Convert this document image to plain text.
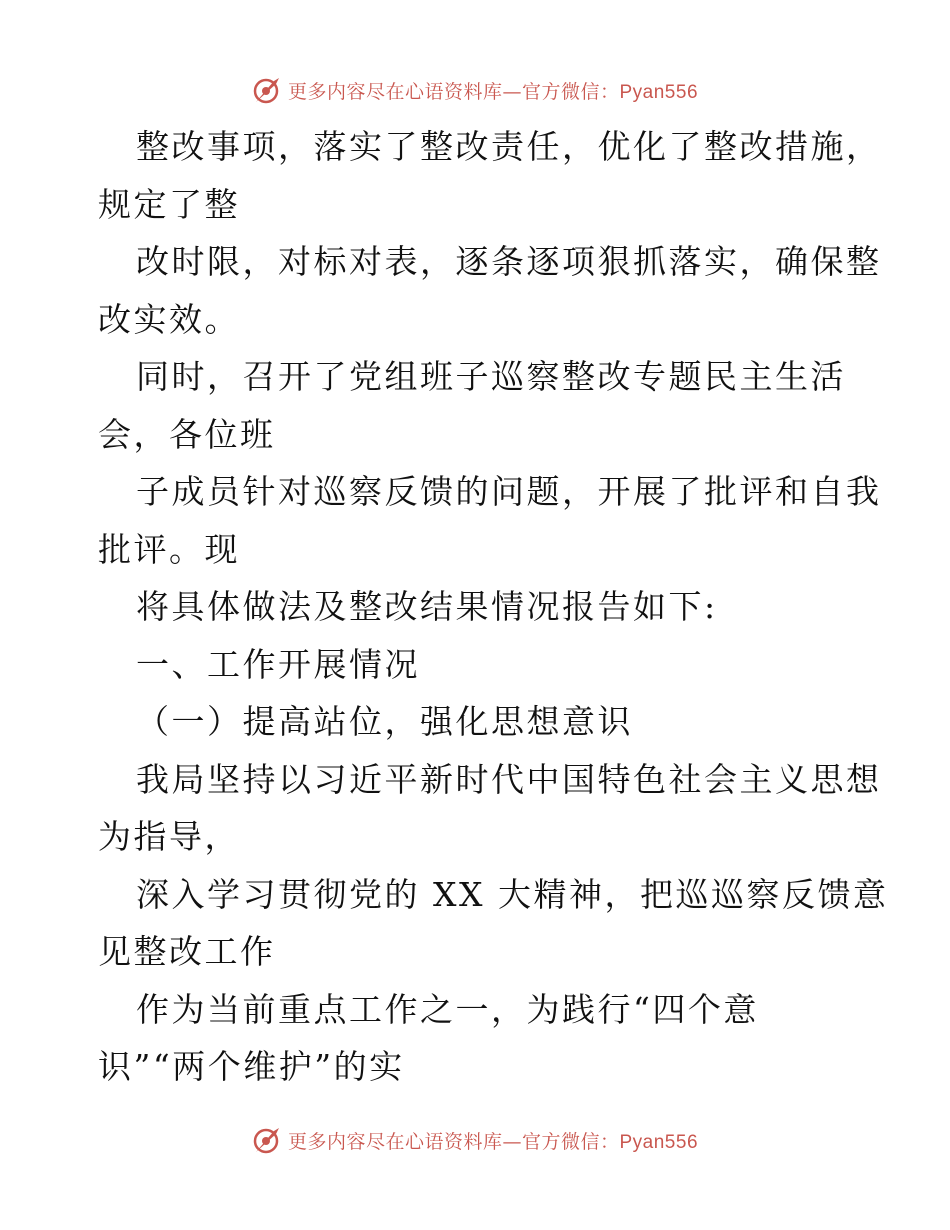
更多内容尽在心语资料库—官方微信：Pyan556
整改事项，落实了整改责任，优化了整改措施，
规定了整
改时限，对标对表，逐条逐项狠抓落实，确保整
改实效。
同时，召开了党组班子巡察整改专题民主生活
会，各位班
子成员针对巡察反馈的问题，开展了批评和自我
批评。现
将具体做法及整改结果情况报告如下:
一、工作开展情况
（一）提高站位，强化思想意识
我局坚持以习近平新时代中国特色社会主义思想
为指导，
深入学习贯彻党的 XX 大精神，把巡巡察反馈意
见整改工作
作为当前重点工作之一，为践行“四个意
识”“两个维护”的实
更多内容尽在心语资料库—官方微信：Pyan556
